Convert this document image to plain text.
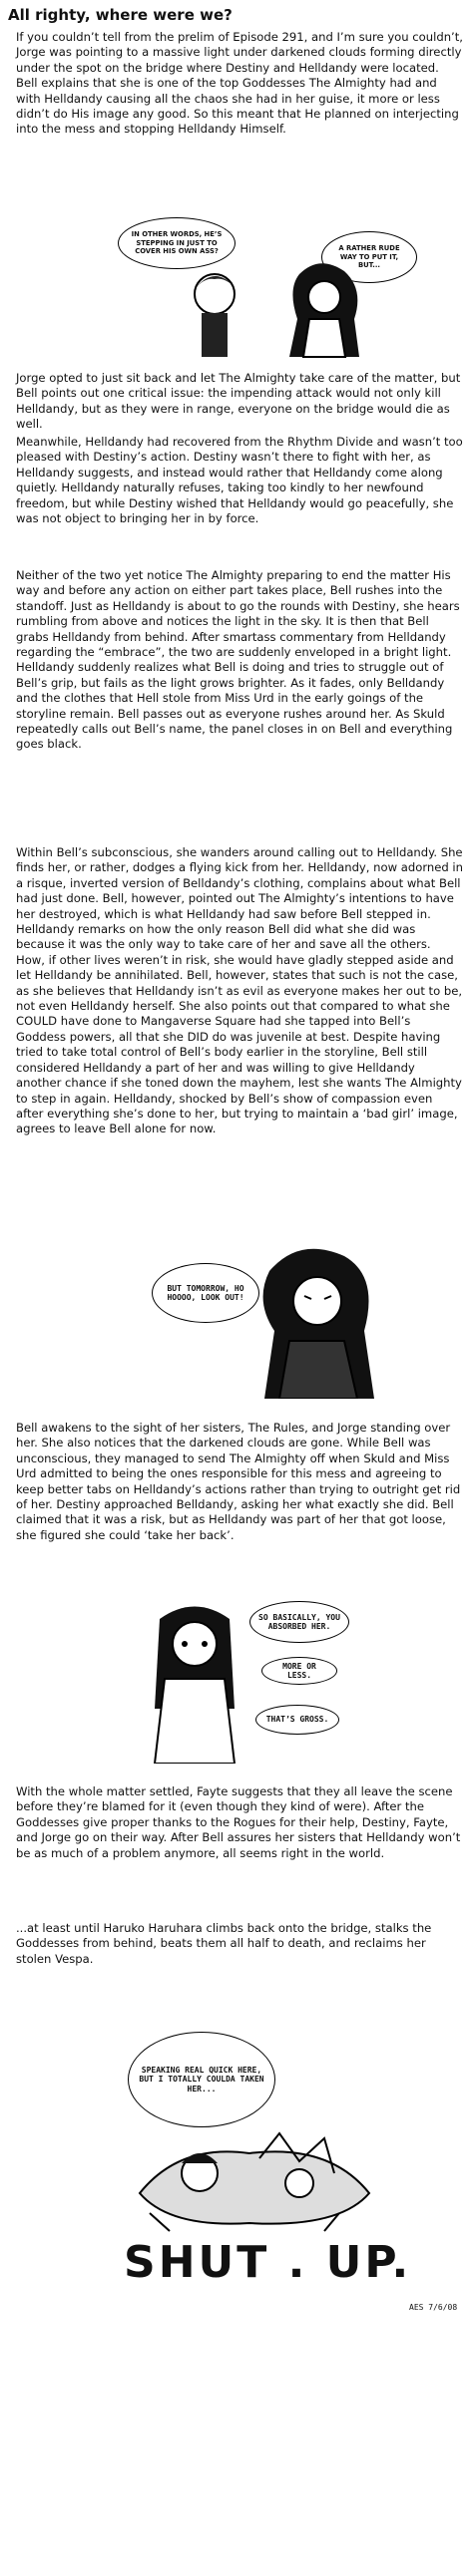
All righty, where were we?
If you couldn’t tell from the prelim of Episode 291, and I’m sure you couldn’t, Jorge was pointing to a massive light under darkened clouds forming directly under the spot on the bridge where Destiny and Helldandy were located. Bell explains that she is one of the top Goddesses The Almighty had and with Helldandy causing all the chaos she had in her guise, it more or less didn’t do His image any good. So this meant that He planned on interjecting into the mess and stopping Helldandy Himself.
IN OTHER WORDS, HE’S STEPPING IN JUST TO COVER HIS OWN ASS?	A RATHER RUDE WAY TO PUT IT, BUT...
Jorge opted to just sit back and let The Almighty take care of the matter, but Bell points out one critical issue: the impending attack would not only kill Helldandy, but as they were in range, everyone on the bridge would die as well.
Meanwhile, Helldandy had recovered from the Rhythm Divide and wasn’t too pleased with Destiny’s action. Destiny wasn’t there to fight with her, as Helldandy suggests, and instead would rather that Helldandy come along quietly. Helldandy naturally refuses, taking too kindly to her newfound freedom, but while Destiny wished that Helldandy would go peacefully, she was not object to bringing her in by force.
Neither of the two yet notice The Almighty preparing to end the matter His way and before any action on either part takes place, Bell rushes into the standoff. Just as Helldandy is about to go the rounds with Destiny, she hears rumbling from above and notices the light in the sky. It is then that Bell grabs Helldandy from behind. After smartass commentary from Helldandy regarding the “embrace”, the two are suddenly enveloped in a bright light. Helldandy suddenly realizes what Bell is doing and tries to struggle out of Bell’s grip, but fails as the light grows brighter. As it fades, only Belldandy and the clothes that Hell stole from Miss Urd in the early goings of the storyline remain. Bell passes out as everyone rushes around her. As Skuld repeatedly calls out Bell’s name, the panel closes in on Bell and everything goes black.
Within Bell’s subconscious, she wanders around calling out to Helldandy. She finds her, or rather, dodges a flying kick from her. Helldandy, now adorned in a risque, inverted version of Belldandy’s clothing, complains about what Bell had just done. Bell, however, pointed out The Almighty’s intentions to have her destroyed, which is what Helldandy had saw before Bell stepped in. Helldandy remarks on how the only reason Bell did what she did was because it was the only way to take care of her and save all the others. How, if other lives weren’t in risk, she would have gladly stepped aside and let Helldandy be annihilated. Bell, however, states that such is not the case, as she believes that Helldandy isn’t as evil as everyone makes her out to be, not even Helldandy herself. She also points out that compared to what she COULD have done to Mangaverse Square had she tapped into Bell’s Goddess powers, all that she DID do was juvenile at best. Despite having tried to take total control of Bell’s body earlier in the storyline, Bell still considered Helldandy a part of her and was willing to give Helldandy another chance if she toned down the mayhem, lest she wants The Almighty to step in again. Helldandy, shocked by Bell’s show of compassion even after everything she’s done to her, but trying to maintain a ‘bad girl’ image, agrees to leave Bell alone for now.
BUT TOMORROW, HO HOOOO, LOOK OUT!
Bell awakens to the sight of her sisters, The Rules, and Jorge standing over her. She also notices that the darkened clouds are gone. While Bell was unconscious, they managed to send The Almighty off when Skuld and Miss Urd admitted to being the ones responsible for this mess and agreeing to keep better tabs on Helldandy’s actions rather than trying to outright get rid of her. Destiny approached Belldandy, asking her what exactly she did. Bell claimed that it was a risk, but as Helldandy was part of her that got loose, she figured she could ‘take her back’.
SO BASICALLY, YOU ABSORBED HER.
MORE OR LESS.
THAT’S GROSS.
With the whole matter settled, Fayte suggests that they all leave the scene before they’re blamed for it (even though they kind of were). After the Goddesses give proper thanks to the Rogues for their help, Destiny, Fayte, and Jorge go on their way. After Bell assures her sisters that Helldandy won’t be as much of a problem anymore, all seems right in the world.
...at least until Haruko Haruhara climbs back onto the bridge, stalks the Goddesses from behind, beats them all half to death, and reclaims her stolen Vespa.
SPEAKING REAL QUICK HERE, BUT I TOTALLY COULDA TAKEN HER...
SHUT . UP.
AES 7/6/08
